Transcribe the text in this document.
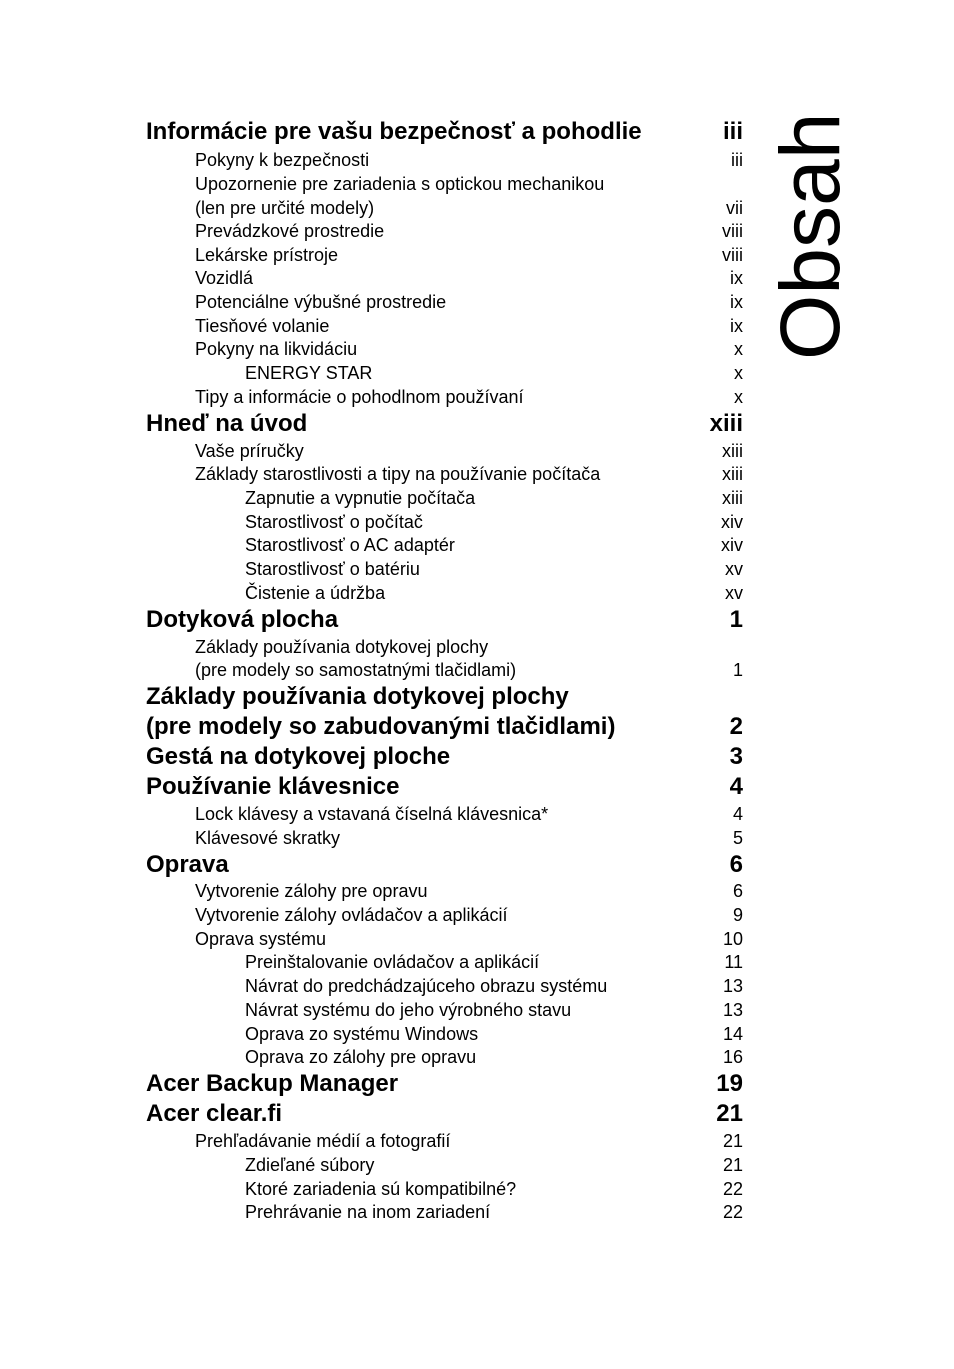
Informácie pre vašu bezpečnosť a pohodlie	iii
Pokyny k bezpečnosti	iii
Upozornenie pre zariadenia s optickou mechanikou
(len pre určité modely)	vii
Prevádzkové prostredie	viii
Lekárske prístroje	viii
Vozidlá	ix
Potenciálne výbušné prostredie	ix
Tiesňové volanie	ix
Pokyny na likvidáciu	x
ENERGY STAR	x
Tipy a informácie o pohodlnom používaní	x
Hneď na úvod	xiii
Vaše príručky	xiii
Základy starostlivosti a tipy na používanie počítača	xiii
Zapnutie a vypnutie počítača	xiii
Starostlivosť o počítač	xiv
Starostlivosť o AC adaptér	xiv
Starostlivosť o batériu	xv
Čistenie a údržba	xv
Dotyková plocha	1
Základy používania dotykovej plochy
(pre modely so samostatnými tlačidlami)	1
Základy používania dotykovej plochy
(pre modely so zabudovanými tlačidlami)	2
Gestá na dotykovej ploche	3
Používanie klávesnice	4
Lock klávesy a vstavaná číselná klávesnica*	4
Klávesové skratky	5
Oprava	6
Vytvorenie zálohy pre opravu	6
Vytvorenie zálohy ovládačov a aplikácií	9
Oprava systému	10
Preinštalovanie ovládačov a aplikácií	11
Návrat do predchádzajúceho obrazu systému	13
Návrat systému do jeho výrobného stavu	13
Oprava zo systému Windows	14
Oprava zo zálohy pre opravu	16
Acer Backup Manager	19
Acer clear.fi	21
Prehľadávanie médií a fotografií	21
Zdieľané súbory	21
Ktoré zariadenia sú kompatibilné?	22
Prehrávanie na inom zariadení	22
Obsah
